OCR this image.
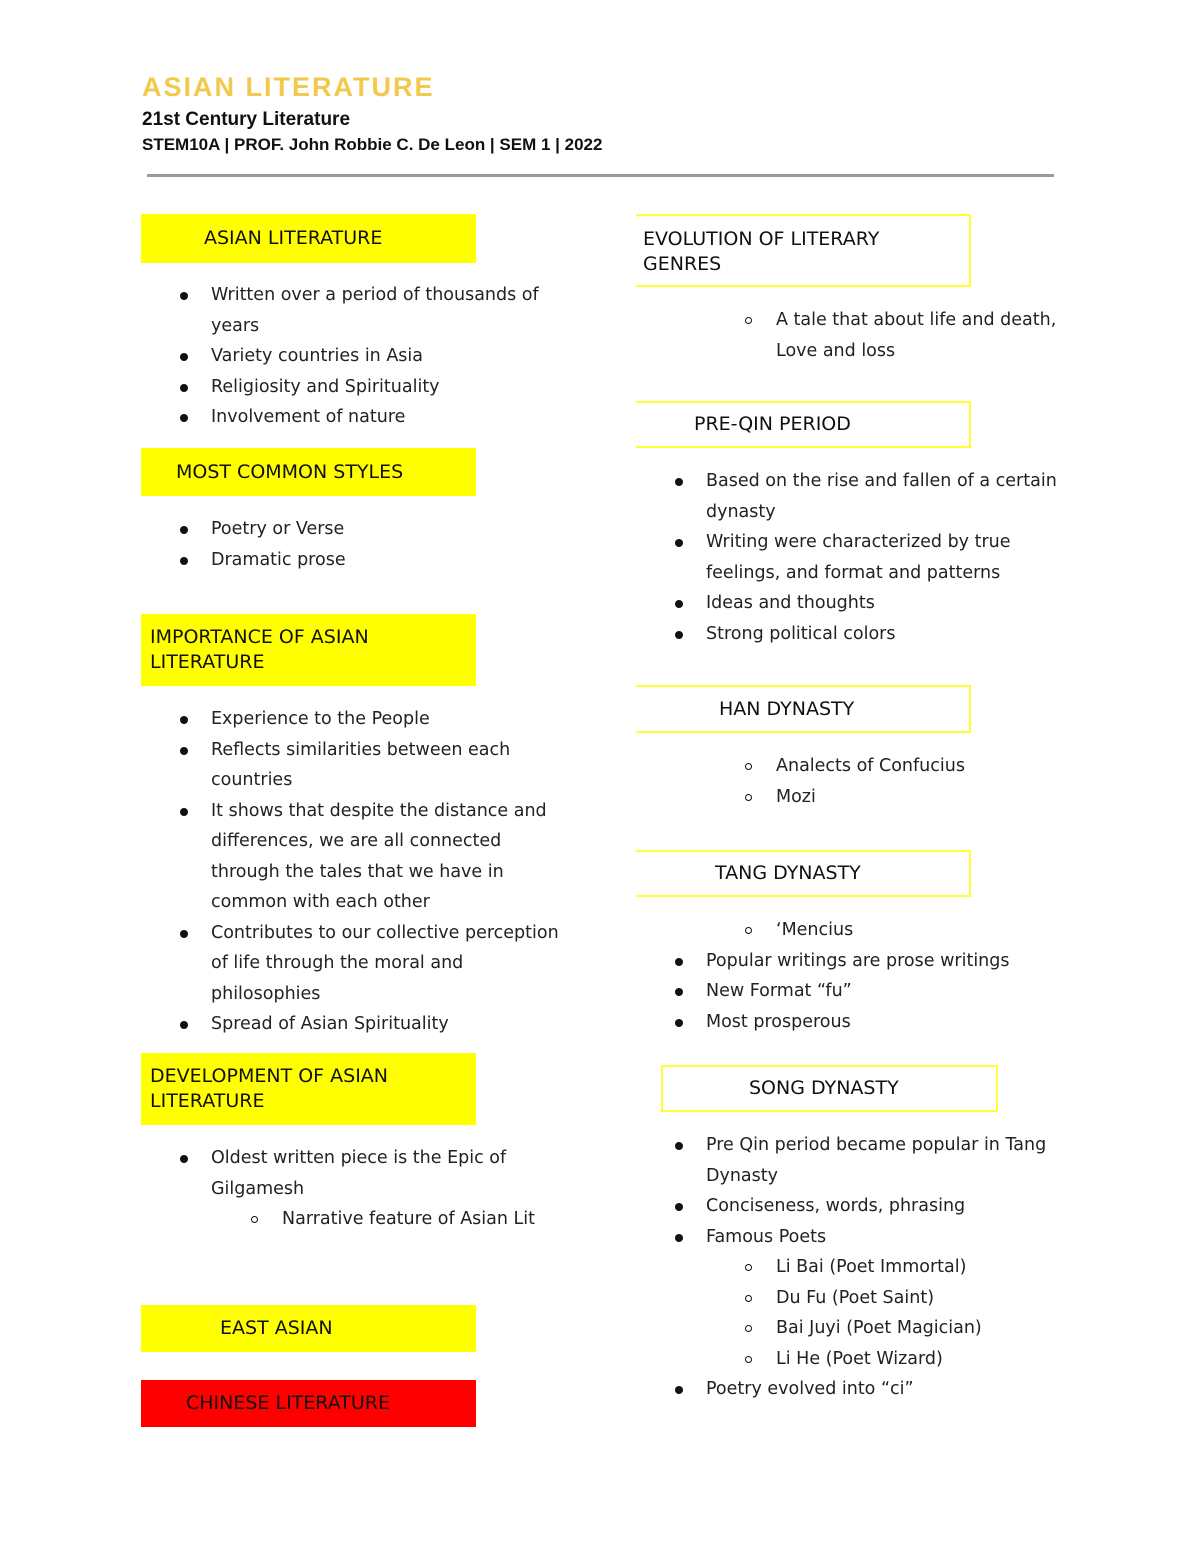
ASIAN LITERATURE
21st Century Literature
STEM10A | PROF. John Robbie C. De Leon | SEM 1 | 2022
ASIAN LITERATURE
Written over a period of thousands of
years
Variety countries in Asia
Religiosity and Spirituality
Involvement of nature
MOST COMMON STYLES
Poetry or Verse
Dramatic prose
IMPORTANCE OF ASIAN
LITERATURE
Experience to the People
Reflects similarities between each
countries
It shows that despite the distance and
differences, we are all connected
through the tales that we have in
common with each other
Contributes to our collective perception
of life through the moral and
philosophies
Spread of Asian Spirituality
DEVELOPMENT OF ASIAN
LITERATURE
Oldest written piece is the Epic of
Gilgamesh
Narrative feature of Asian Lit
EAST ASIAN
CHINESE LITERATURE
EVOLUTION OF LITERARY
GENRES
A tale that about life and death,
Love and loss
PRE-QIN PERIOD
Based on the rise and fallen of a certain
dynasty
Writing were characterized by true
feelings, and format and patterns
Ideas and thoughts
Strong political colors
HAN DYNASTY
Analects of Confucius
Mozi
TANG DYNASTY
‘Mencius
Popular writings are prose writings
New Format “fu”
Most prosperous
SONG DYNASTY
Pre Qin period became popular in Tang
Dynasty
Conciseness, words, phrasing
Famous Poets
Li Bai (Poet Immortal)
Du Fu (Poet Saint)
Bai Juyi (Poet Magician)
Li He (Poet Wizard)
Poetry evolved into “ci”
